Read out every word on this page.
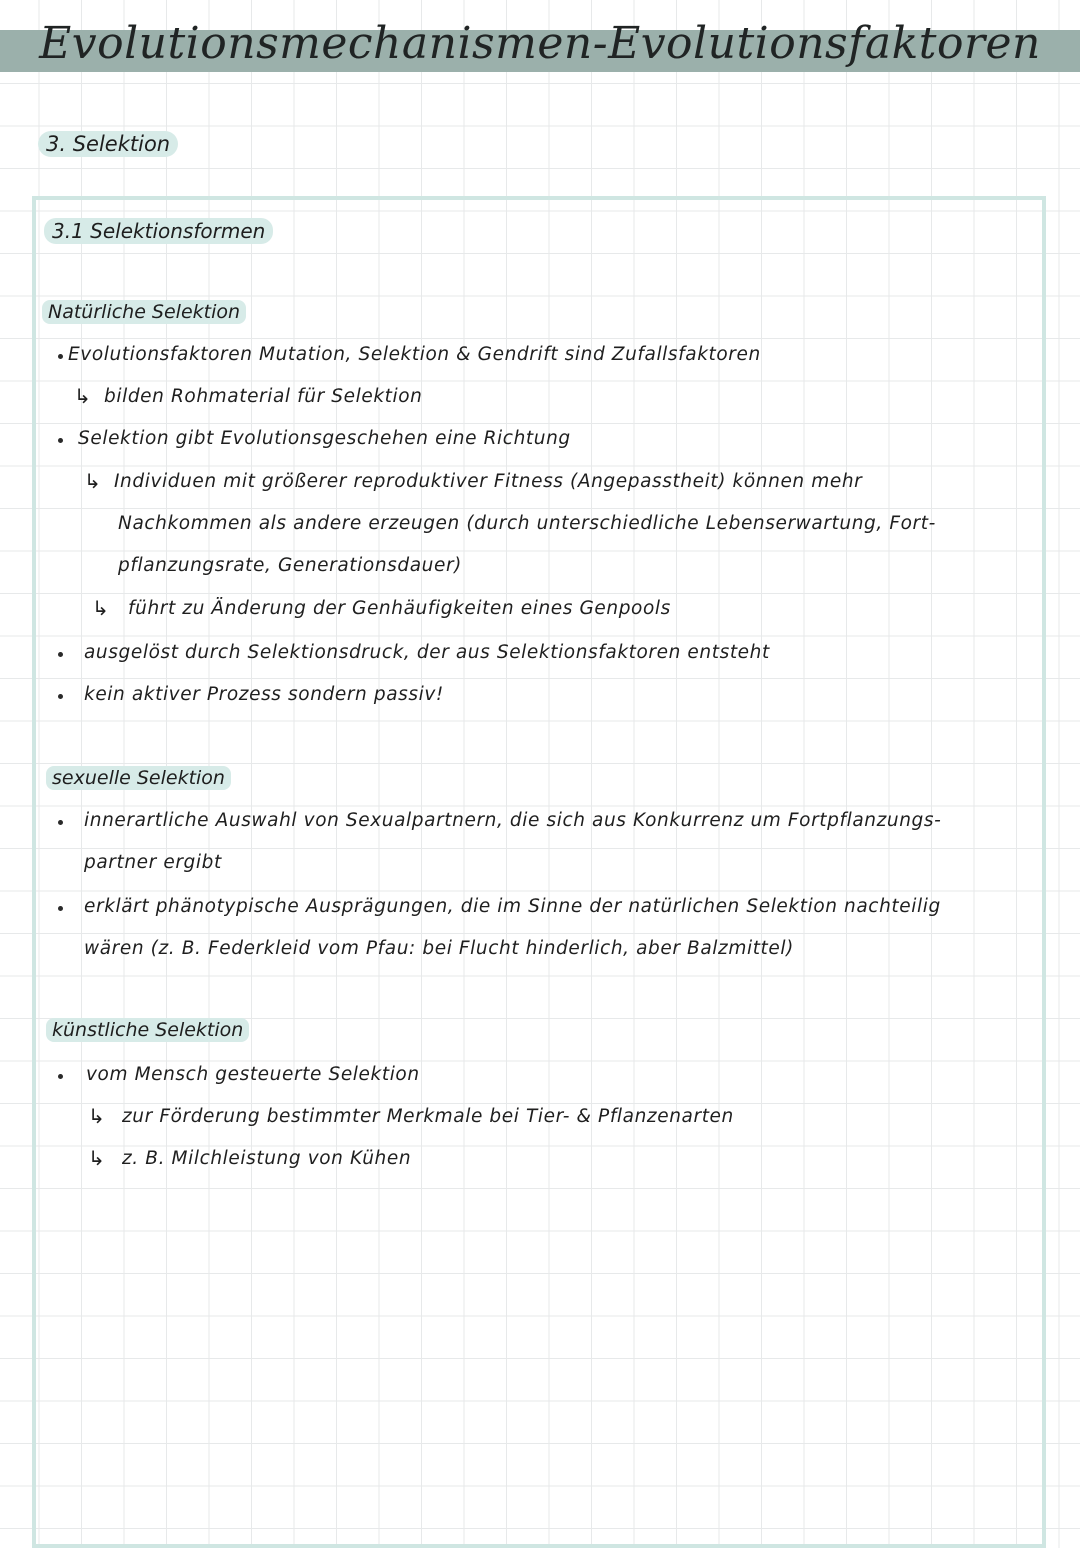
Evolutionsmechanismen-Evolutionsfaktoren
3. Selektion
3.1 Selektionsformen
Natürliche Selektion
Evolutionsfaktoren Mutation, Selektion & Gendrift sind Zufallsfaktoren
↳ bilden Rohmaterial für Selektion
Selektion gibt Evolutionsgeschehen eine Richtung
↳ Individuen mit größerer reproduktiver Fitness (Angepasstheit) können mehr
Nachkommen als andere erzeugen (durch unterschiedliche Lebenserwartung, Fort-
pflanzungsrate, Generationsdauer)
↳ führt zu Änderung der Genhäufigkeiten eines Genpools
ausgelöst durch Selektionsdruck, der aus Selektionsfaktoren entsteht
kein aktiver Prozess sondern passiv!
sexuelle Selektion
innerartliche Auswahl von Sexualpartnern, die sich aus Konkurrenz um Fortpflanzungs-
partner ergibt
erklärt phänotypische Ausprägungen, die im Sinne der natürlichen Selektion nachteilig
wären (z. B. Federkleid vom Pfau: bei Flucht hinderlich, aber Balzmittel)
künstliche Selektion
vom Mensch gesteuerte Selektion
↳ zur Förderung bestimmter Merkmale bei Tier- & Pflanzenarten
↳ z. B. Milchleistung von Kühen
